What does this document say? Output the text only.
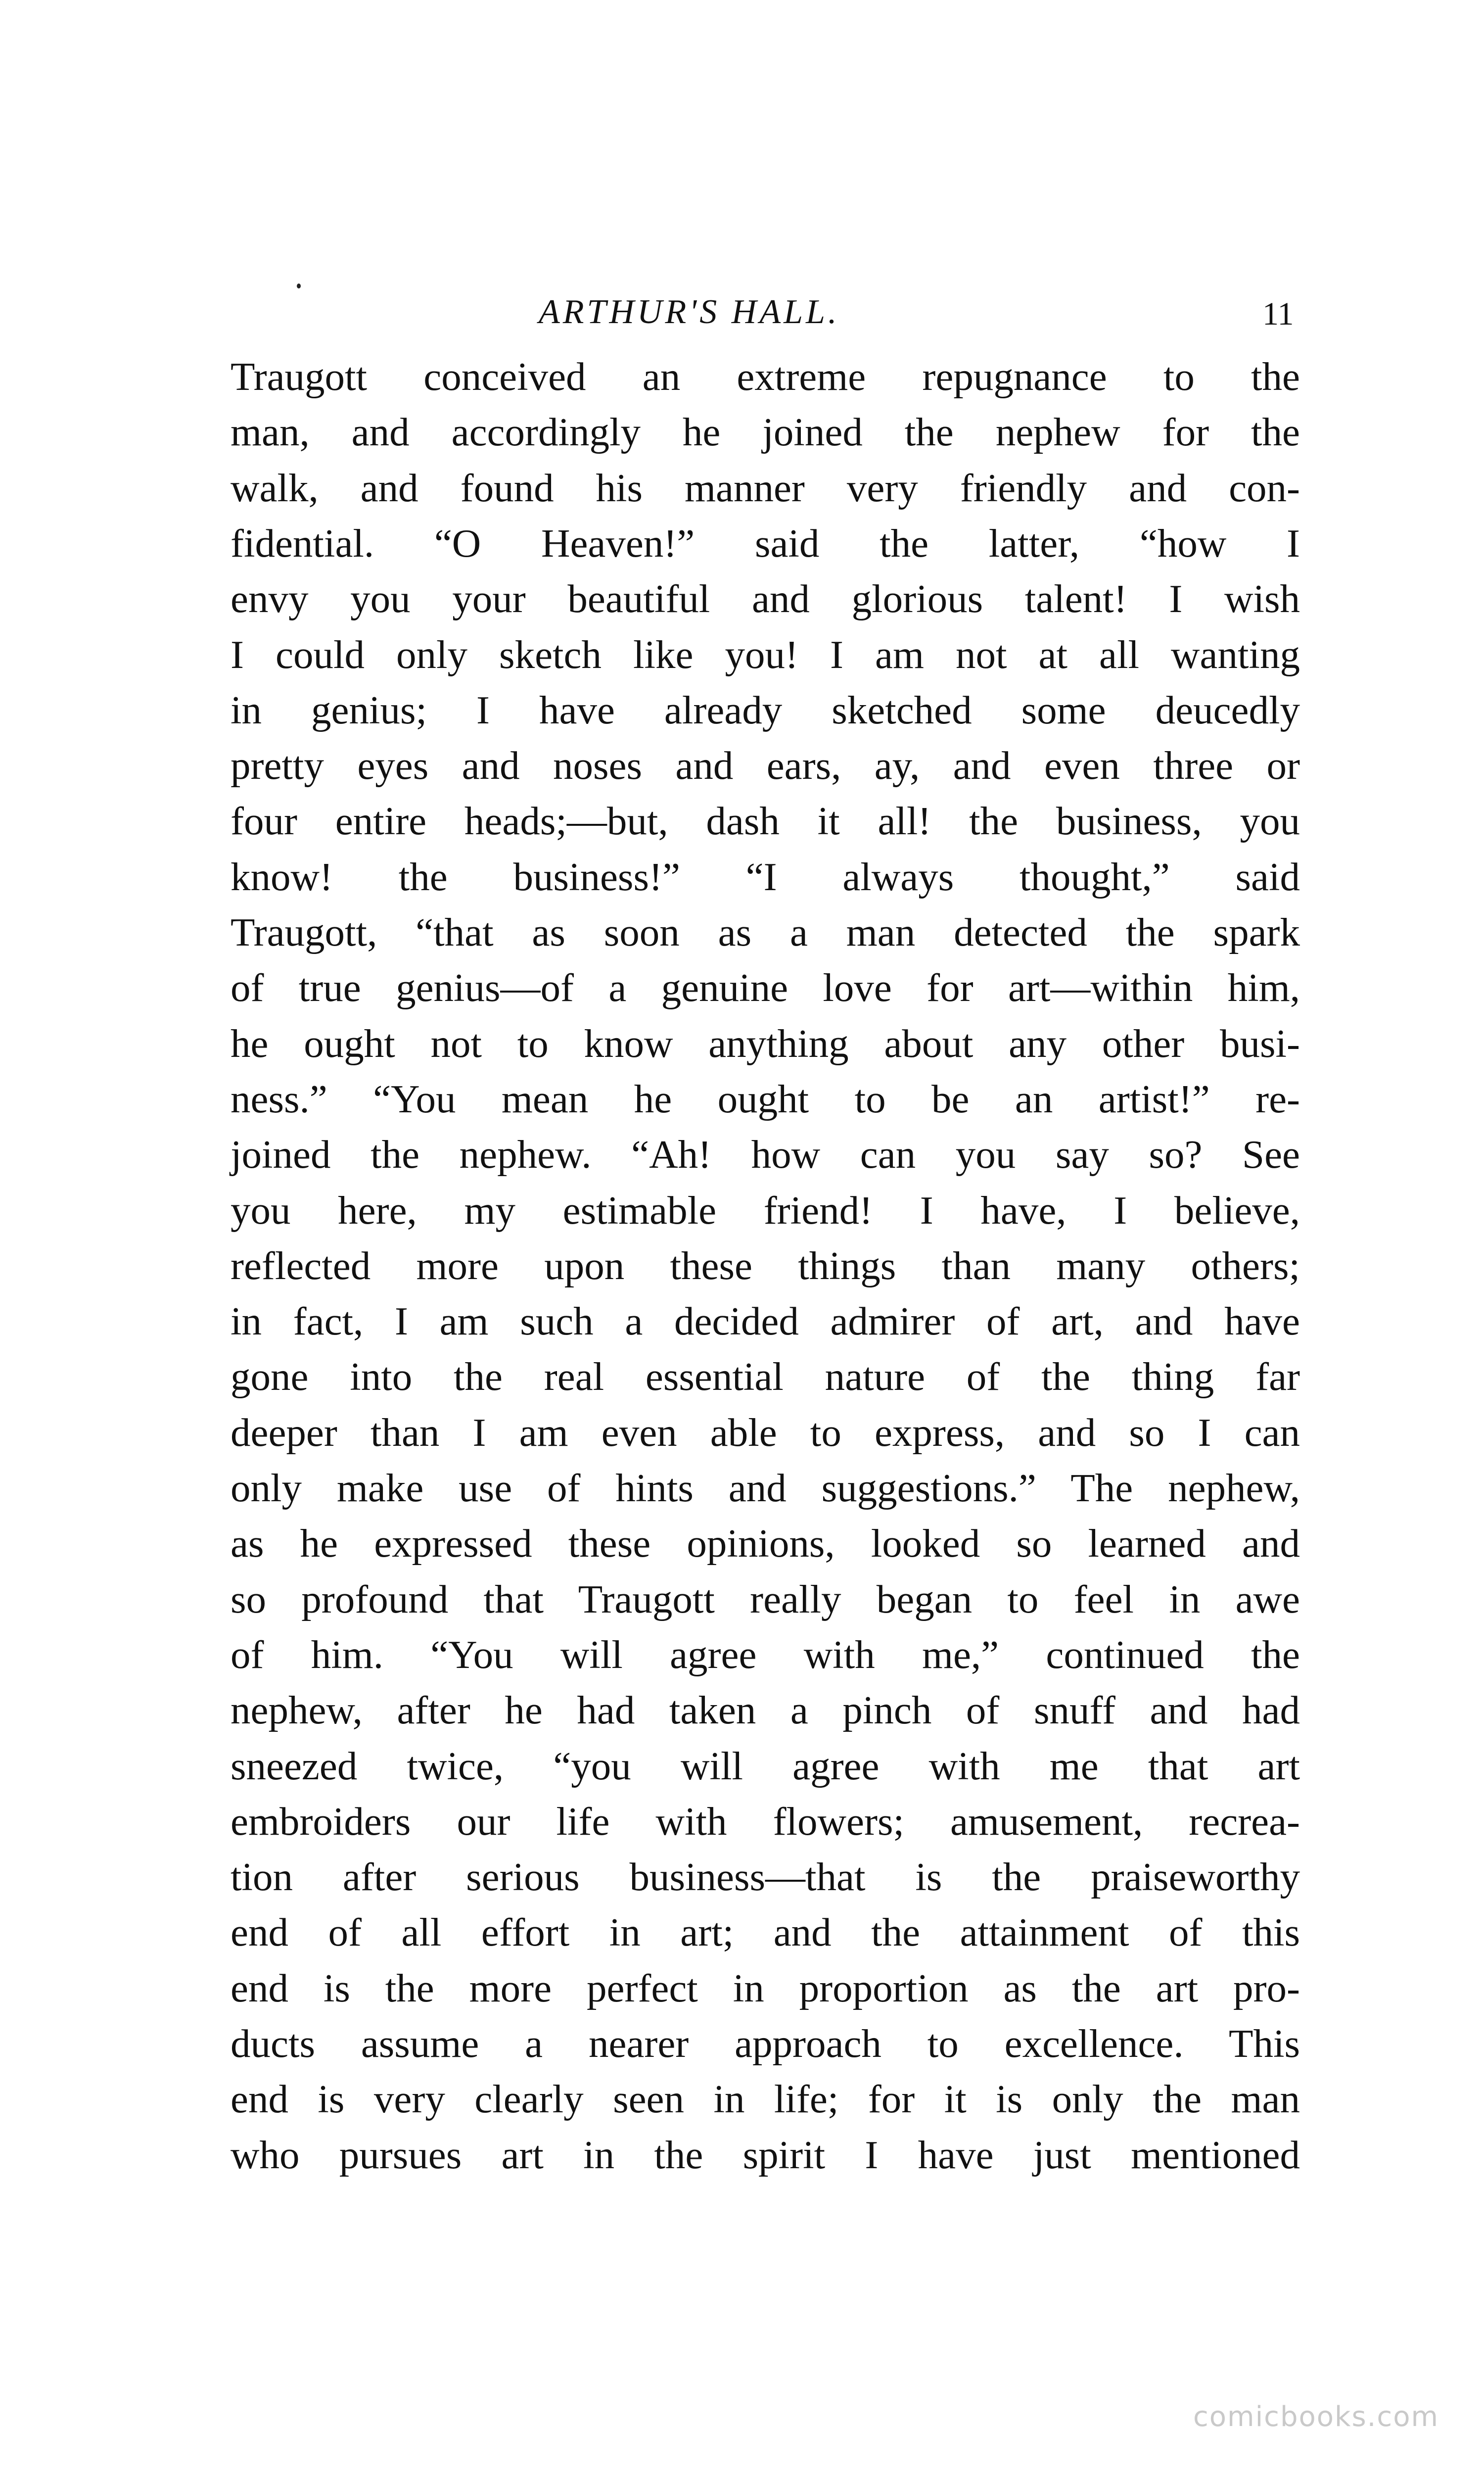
ARTHUR'S HALL.	11
Traugott conceived an extreme repugnance to the
man, and accordingly he joined the nephew for the
walk, and found his manner very friendly and con-
fidential. “O Heaven!” said the latter, “how I
envy you your beautiful and glorious talent! I wish
I could only sketch like you! I am not at all wanting
in genius; I have already sketched some deucedly
pretty eyes and noses and ears, ay, and even three or
four entire heads;—but, dash it all! the business, you
know! the business!” “I always thought,” said
Traugott, “that as soon as a man detected the spark
of true genius—of a genuine love for art—within him,
he ought not to know anything about any other busi-
ness.” “You mean he ought to be an artist!” re-
joined the nephew. “Ah! how can you say so? See
you here, my estimable friend! I have, I believe,
reflected more upon these things than many others;
in fact, I am such a decided admirer of art, and have
gone into the real essential nature of the thing far
deeper than I am even able to express, and so I can
only make use of hints and suggestions.” The nephew,
as he expressed these opinions, looked so learned and
so profound that Traugott really began to feel in awe
of him. “You will agree with me,” continued the
nephew, after he had taken a pinch of snuff and had
sneezed twice, “you will agree with me that art
embroiders our life with flowers; amusement, recrea-
tion after serious business—that is the praiseworthy
end of all effort in art; and the attainment of this
end is the more perfect in proportion as the art pro-
ducts assume a nearer approach to excellence. This
end is very clearly seen in life; for it is only the man
who pursues art in the spirit I have just mentioned
comicbooks.com
